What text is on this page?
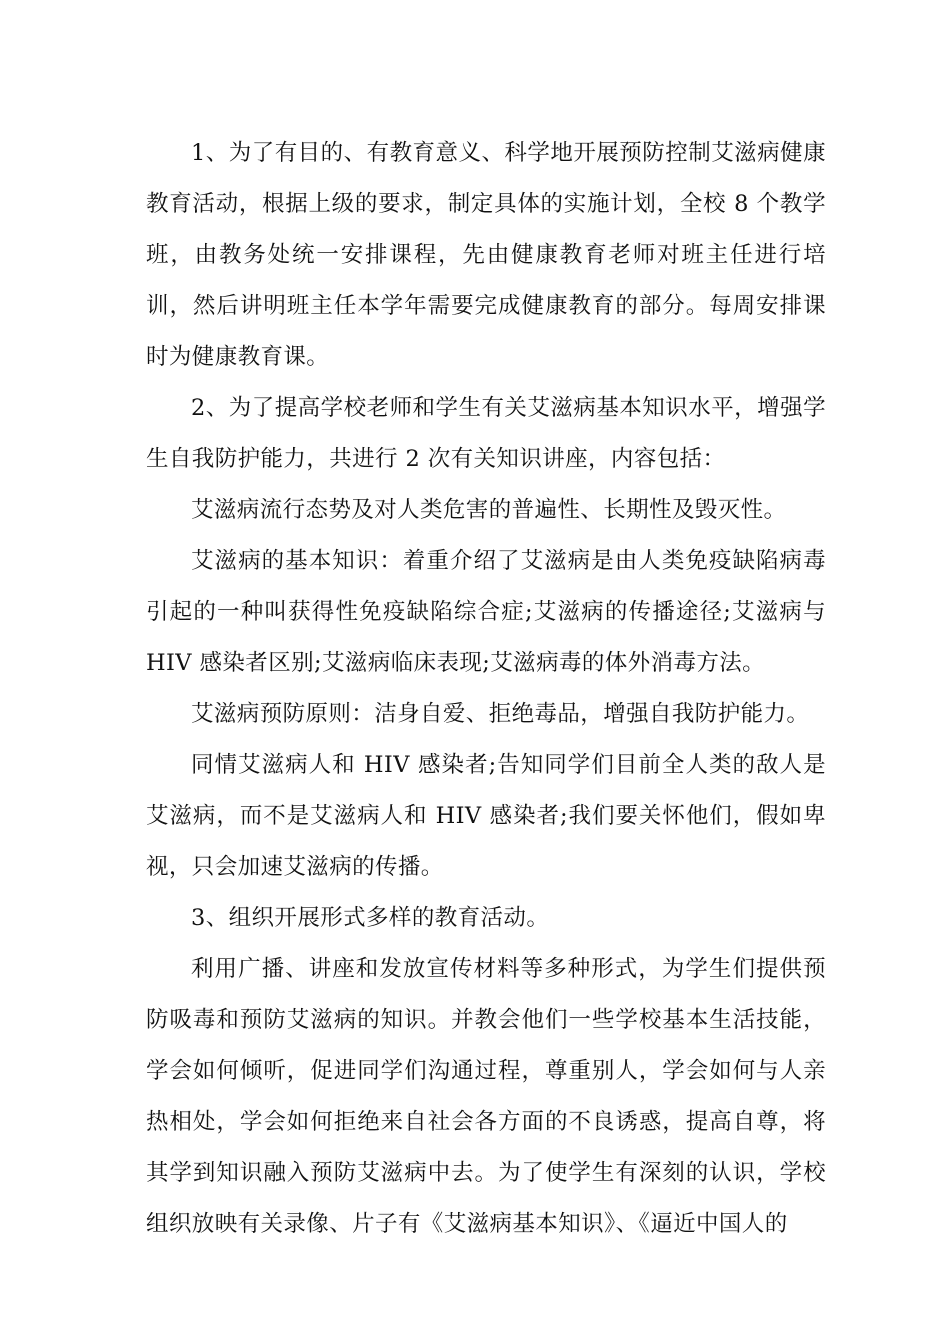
1、为了有目的、有教育意义、科学地开展预防控制艾滋病健康教育活动，根据上级的要求，制定具体的实施计划，全校 8 个教学班，由教务处统一安排课程，先由健康教育老师对班主任进行培训，然后讲明班主任本学年需要完成健康教育的部分。每周安排课时为健康教育课。

2、为了提高学校老师和学生有关艾滋病基本知识水平，增强学生自我防护能力，共进行 2 次有关知识讲座，内容包括：

艾滋病流行态势及对人类危害的普遍性、长期性及毁灭性。

艾滋病的基本知识：着重介绍了艾滋病是由人类免疫缺陷病毒引起的一种叫获得性免疫缺陷综合症;艾滋病的传播途径;艾滋病与 HIV 感染者区别;艾滋病临床表现;艾滋病毒的体外消毒方法。

艾滋病预防原则：洁身自爱、拒绝毒品，增强自我防护能力。

同情艾滋病人和 HIV 感染者;告知同学们目前全人类的敌人是艾滋病，而不是艾滋病人和 HIV 感染者;我们要关怀他们，假如卑视，只会加速艾滋病的传播。

3、组织开展形式多样的教育活动。

利用广播、讲座和发放宣传材料等多种形式，为学生们提供预防吸毒和预防艾滋病的知识。并教会他们一些学校基本生活技能，学会如何倾听，促进同学们沟通过程，尊重别人，学会如何与人亲热相处，学会如何拒绝来自社会各方面的不良诱惑，提高自尊，将其学到知识融入预防艾滋病中去。为了使学生有深刻的认识，学校组织放映有关录像、片子有《艾滋病基本知识》、《逼近中国人的
